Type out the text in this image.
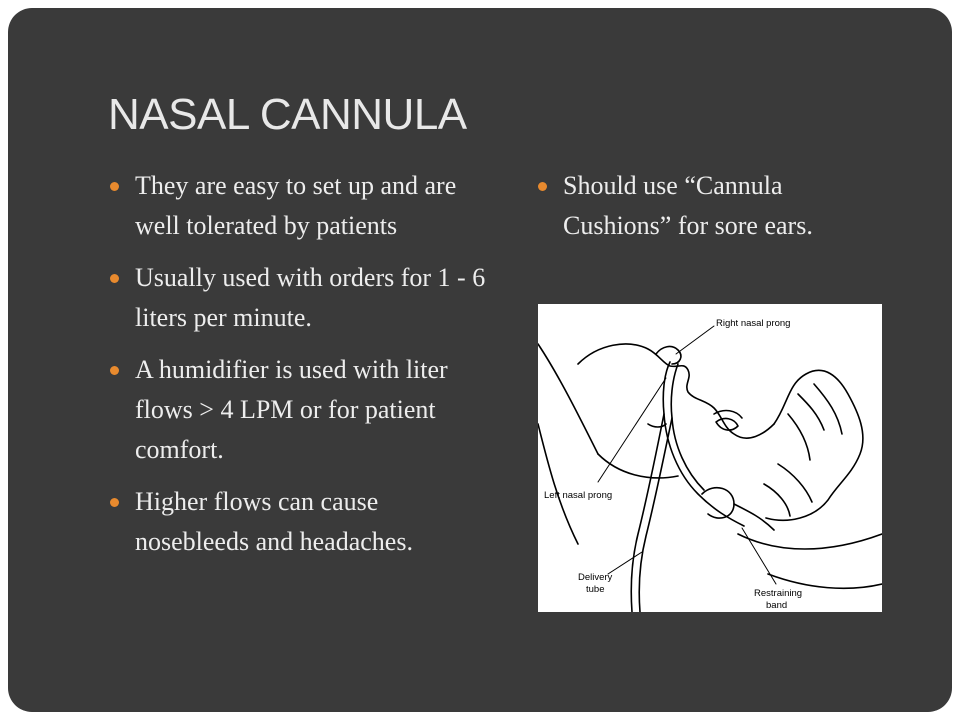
NASAL CANNULA
They are easy to set up and are well tolerated by patients
Usually used with orders for 1 - 6 liters per minute.
A humidifier is used with liter flows > 4 LPM or for patient comfort.
Higher flows can cause nosebleeds and headaches.
Should use “Cannula Cushions” for sore ears.
Right nasal prong
Left nasal prong
Delivery
tube	Restraining
band
